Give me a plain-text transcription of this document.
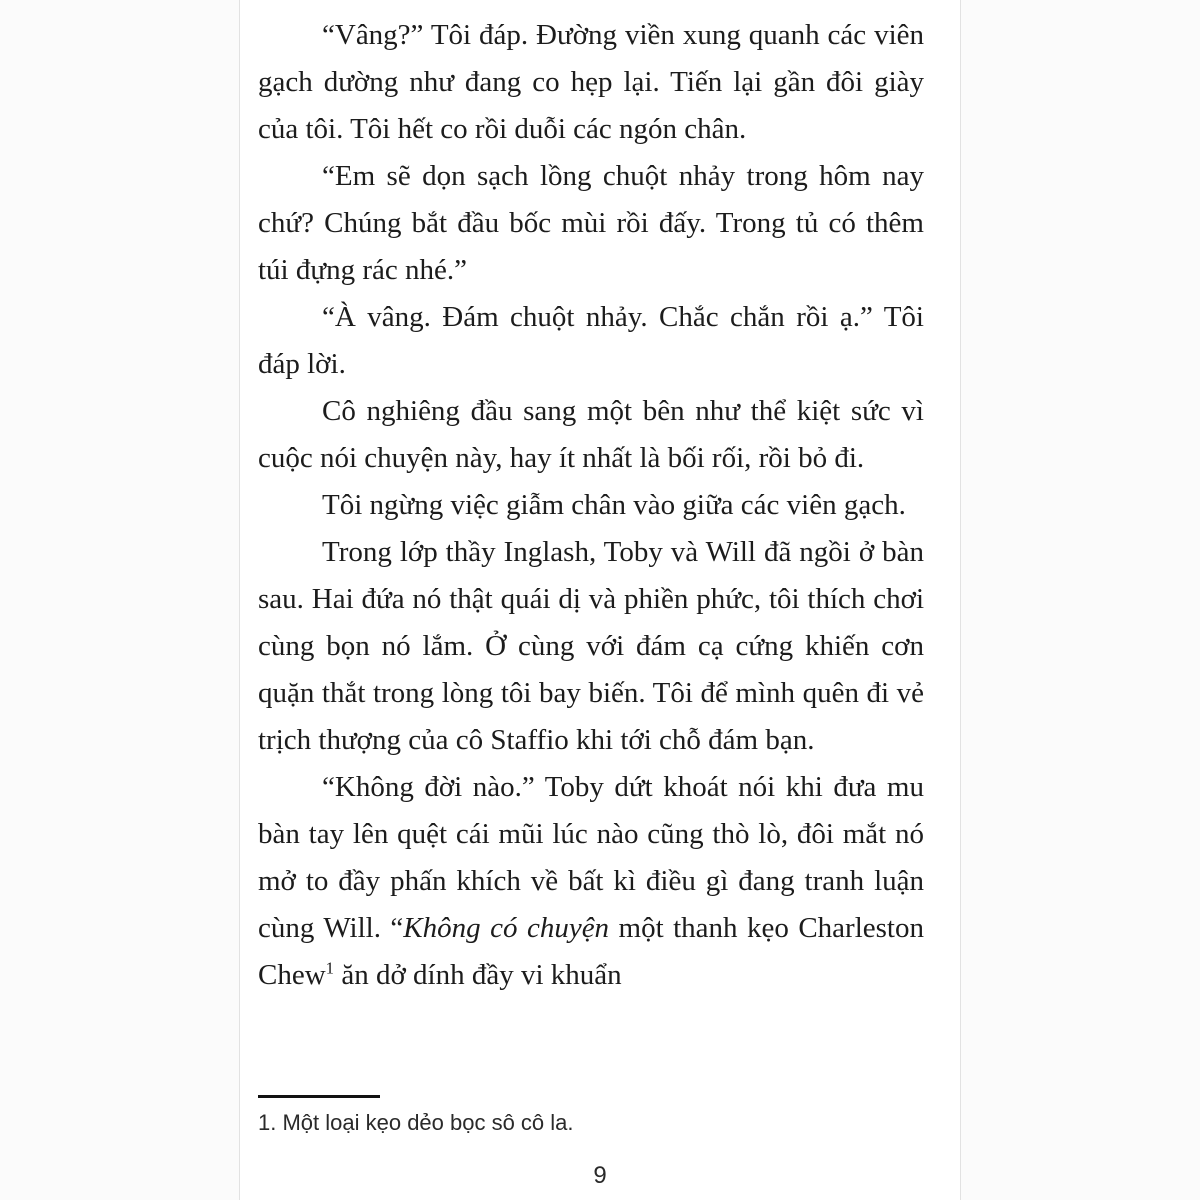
“Vâng?” Tôi đáp. Đường viền xung quanh các viên gạch dường như đang co hẹp lại. Tiến lại gần đôi giày của tôi. Tôi hết co rồi duỗi các ngón chân.

“Em sẽ dọn sạch lồng chuột nhảy trong hôm nay chứ? Chúng bắt đầu bốc mùi rồi đấy. Trong tủ có thêm túi đựng rác nhé.”

“À vâng. Đám chuột nhảy. Chắc chắn rồi ạ.” Tôi đáp lời.

Cô nghiêng đầu sang một bên như thể kiệt sức vì cuộc nói chuyện này, hay ít nhất là bối rối, rồi bỏ đi.

Tôi ngừng việc giẫm chân vào giữa các viên gạch.

Trong lớp thầy Inglash, Toby và Will đã ngồi ở bàn sau. Hai đứa nó thật quái dị và phiền phức, tôi thích chơi cùng bọn nó lắm. Ở cùng với đám cạ cứng khiến cơn quặn thắt trong lòng tôi bay biến. Tôi để mình quên đi vẻ trịch thượng của cô Staffio khi tới chỗ đám bạn.

“Không đời nào.” Toby dứt khoát nói khi đưa mu bàn tay lên quệt cái mũi lúc nào cũng thò lò, đôi mắt nó mở to đầy phấn khích về bất kì điều gì đang tranh luận cùng Will. “Không có chuyện một thanh kẹo Charleston Chew$^1$ ăn dở dính đầy vi khuẩn

1. Một loại kẹo dẻo bọc sô cô la.

9
